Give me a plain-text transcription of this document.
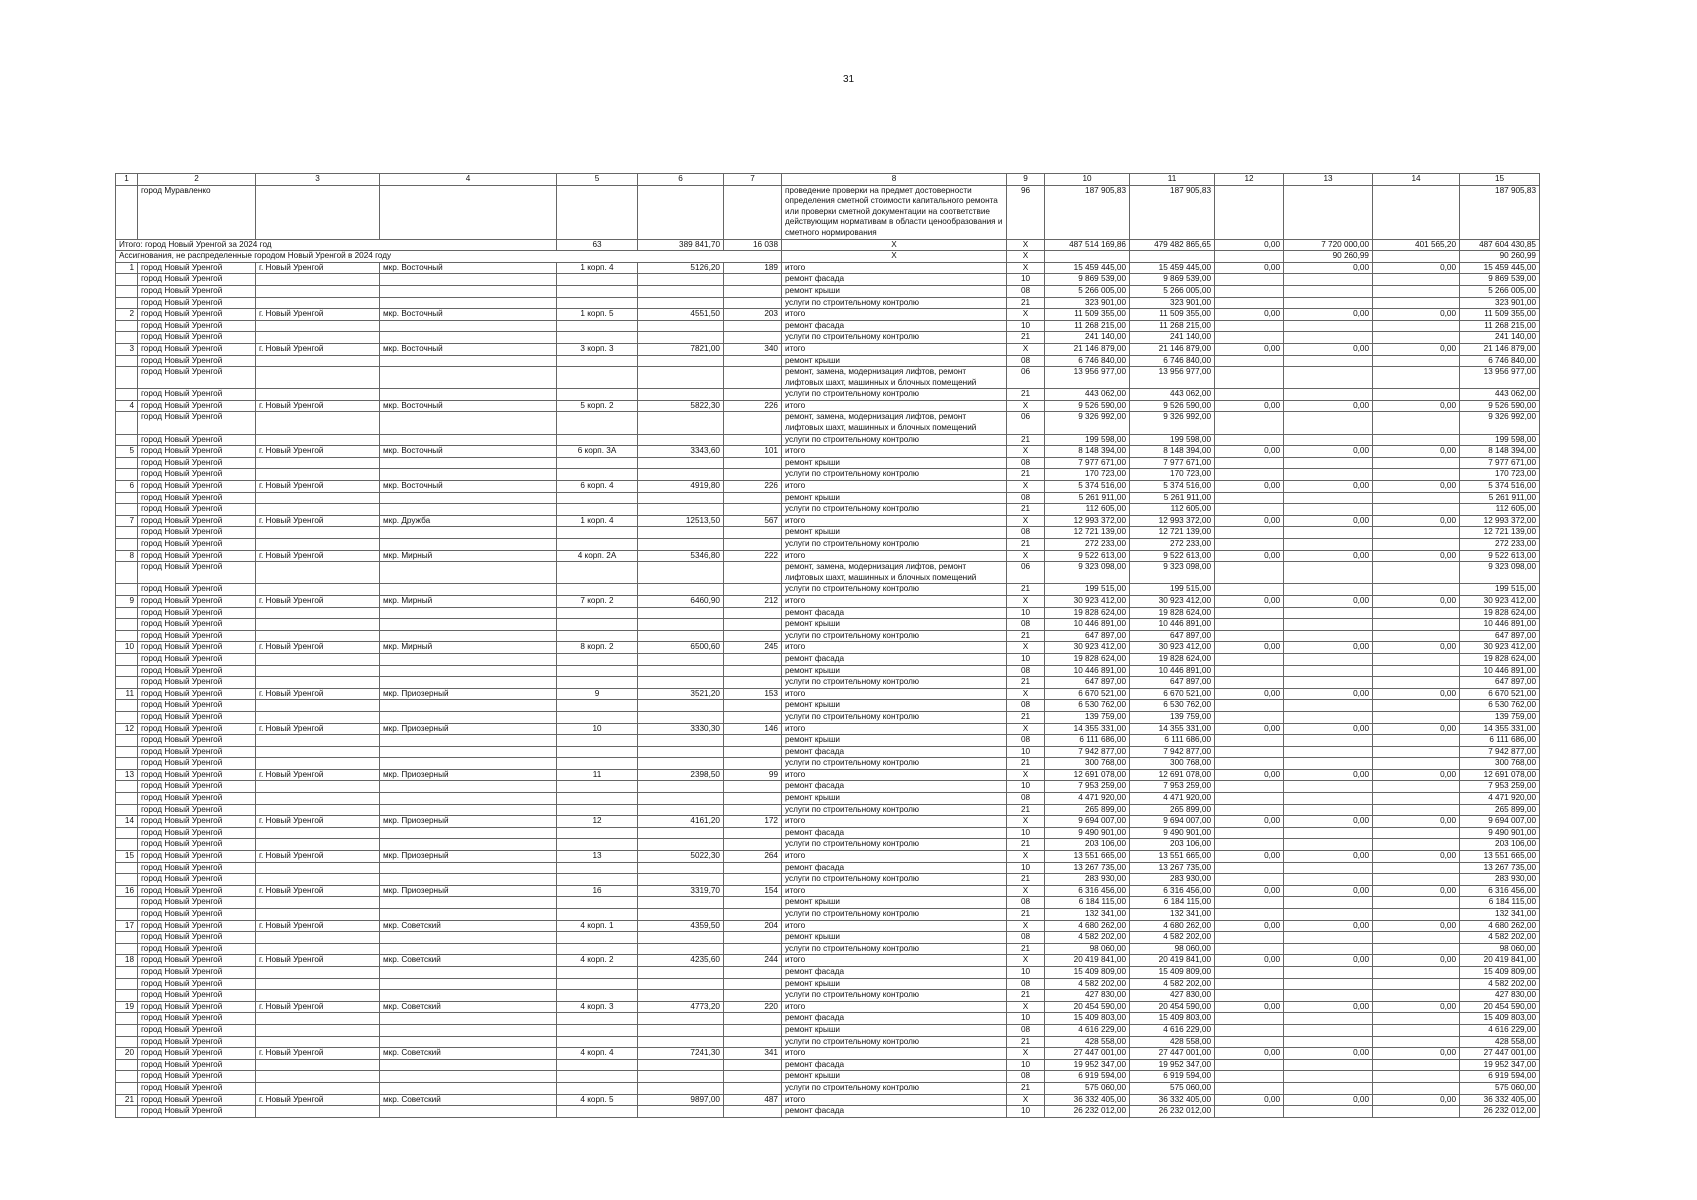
31
1	2	3	4	5	6	7	8	9	10	11	12	13	14	15
	город Муравленко						проведение проверки на предмет достоверности определения сметной стоимости капитального ремонта или проверки сметной документации на соответствие действующим нормативам в области ценообразования и сметного нормирования	96	187 905,83	187 905,83				187 905,83
Итого: город Новый Уренгой за 2024 год				63	389 841,70	16 038	X	X	487 514 169,86	479 482 865,65	0,00	7 720 000,00	401 565,20	487 604 430,85
Ассигнования, не распределенные городом Новый Уренгой в 2024 году							X	X				90 260,99		90 260,99
1	город Новый Уренгой	г. Новый Уренгой	мкр. Восточный	1 корп. 4	5126,20	189	итого	X	15 459 445,00	15 459 445,00	0,00	0,00	0,00	15 459 445,00
	город Новый Уренгой						ремонт фасада	10	9 869 539,00	9 869 539,00				9 869 539,00
	город Новый Уренгой						ремонт крыши	08	5 266 005,00	5 266 005,00				5 266 005,00
	город Новый Уренгой						услуги по строительному контролю	21	323 901,00	323 901,00				323 901,00
2	город Новый Уренгой	г. Новый Уренгой	мкр. Восточный	1 корп. 5	4551,50	203	итого	X	11 509 355,00	11 509 355,00	0,00	0,00	0,00	11 509 355,00
	город Новый Уренгой						ремонт фасада	10	11 268 215,00	11 268 215,00				11 268 215,00
	город Новый Уренгой						услуги по строительному контролю	21	241 140,00	241 140,00				241 140,00
3	город Новый Уренгой	г. Новый Уренгой	мкр. Восточный	3 корп. 3	7821,00	340	итого	X	21 146 879,00	21 146 879,00	0,00	0,00	0,00	21 146 879,00
	город Новый Уренгой						ремонт крыши	08	6 746 840,00	6 746 840,00				6 746 840,00
	город Новый Уренгой						ремонт, замена, модернизация лифтов, ремонт лифтовых шахт, машинных и блочных помещений	06	13 956 977,00	13 956 977,00				13 956 977,00
	город Новый Уренгой						услуги по строительному контролю	21	443 062,00	443 062,00				443 062,00
4	город Новый Уренгой	г. Новый Уренгой	мкр. Восточный	5 корп. 2	5822,30	226	итого	X	9 526 590,00	9 526 590,00	0,00	0,00	0,00	9 526 590,00
	город Новый Уренгой						ремонт, замена, модернизация лифтов, ремонт лифтовых шахт, машинных и блочных помещений	06	9 326 992,00	9 326 992,00				9 326 992,00
	город Новый Уренгой						услуги по строительному контролю	21	199 598,00	199 598,00				199 598,00
5	город Новый Уренгой	г. Новый Уренгой	мкр. Восточный	6 корп. 3А	3343,60	101	итого	X	8 148 394,00	8 148 394,00	0,00	0,00	0,00	8 148 394,00
	город Новый Уренгой						ремонт крыши	08	7 977 671,00	7 977 671,00				7 977 671,00
	город Новый Уренгой						услуги по строительному контролю	21	170 723,00	170 723,00				170 723,00
6	город Новый Уренгой	г. Новый Уренгой	мкр. Восточный	6 корп. 4	4919,80	226	итого	X	5 374 516,00	5 374 516,00	0,00	0,00	0,00	5 374 516,00
	город Новый Уренгой						ремонт крыши	08	5 261 911,00	5 261 911,00				5 261 911,00
	город Новый Уренгой						услуги по строительному контролю	21	112 605,00	112 605,00				112 605,00
7	город Новый Уренгой	г. Новый Уренгой	мкр. Дружба	1 корп. 4	12513,50	567	итого	X	12 993 372,00	12 993 372,00	0,00	0,00	0,00	12 993 372,00
	город Новый Уренгой						ремонт крыши	08	12 721 139,00	12 721 139,00				12 721 139,00
	город Новый Уренгой						услуги по строительному контролю	21	272 233,00	272 233,00				272 233,00
8	город Новый Уренгой	г. Новый Уренгой	мкр. Мирный	4 корп. 2А	5346,80	222	итого	X	9 522 613,00	9 522 613,00	0,00	0,00	0,00	9 522 613,00
	город Новый Уренгой						ремонт, замена, модернизация лифтов, ремонт лифтовых шахт, машинных и блочных помещений	06	9 323 098,00	9 323 098,00				9 323 098,00
	город Новый Уренгой						услуги по строительному контролю	21	199 515,00	199 515,00				199 515,00
9	город Новый Уренгой	г. Новый Уренгой	мкр. Мирный	7 корп. 2	6460,90	212	итого	X	30 923 412,00	30 923 412,00	0,00	0,00	0,00	30 923 412,00
	город Новый Уренгой						ремонт фасада	10	19 828 624,00	19 828 624,00				19 828 624,00
	город Новый Уренгой						ремонт крыши	08	10 446 891,00	10 446 891,00				10 446 891,00
	город Новый Уренгой						услуги по строительному контролю	21	647 897,00	647 897,00				647 897,00
10	город Новый Уренгой	г. Новый Уренгой	мкр. Мирный	8 корп. 2	6500,60	245	итого	X	30 923 412,00	30 923 412,00	0,00	0,00	0,00	30 923 412,00
	город Новый Уренгой						ремонт фасада	10	19 828 624,00	19 828 624,00				19 828 624,00
	город Новый Уренгой						ремонт крыши	08	10 446 891,00	10 446 891,00				10 446 891,00
	город Новый Уренгой						услуги по строительному контролю	21	647 897,00	647 897,00				647 897,00
11	город Новый Уренгой	г. Новый Уренгой	мкр. Приозерный	9	3521,20	153	итого	X	6 670 521,00	6 670 521,00	0,00	0,00	0,00	6 670 521,00
	город Новый Уренгой						ремонт крыши	08	6 530 762,00	6 530 762,00				6 530 762,00
	город Новый Уренгой						услуги по строительному контролю	21	139 759,00	139 759,00				139 759,00
12	город Новый Уренгой	г. Новый Уренгой	мкр. Приозерный	10	3330,30	146	итого	X	14 355 331,00	14 355 331,00	0,00	0,00	0,00	14 355 331,00
	город Новый Уренгой						ремонт крыши	08	6 111 686,00	6 111 686,00				6 111 686,00
	город Новый Уренгой						ремонт фасада	10	7 942 877,00	7 942 877,00				7 942 877,00
	город Новый Уренгой						услуги по строительному контролю	21	300 768,00	300 768,00				300 768,00
13	город Новый Уренгой	г. Новый Уренгой	мкр. Приозерный	11	2398,50	99	итого	X	12 691 078,00	12 691 078,00	0,00	0,00	0,00	12 691 078,00
	город Новый Уренгой						ремонт фасада	10	7 953 259,00	7 953 259,00				7 953 259,00
	город Новый Уренгой						ремонт крыши	08	4 471 920,00	4 471 920,00				4 471 920,00
	город Новый Уренгой						услуги по строительному контролю	21	265 899,00	265 899,00				265 899,00
14	город Новый Уренгой	г. Новый Уренгой	мкр. Приозерный	12	4161,20	172	итого	X	9 694 007,00	9 694 007,00	0,00	0,00	0,00	9 694 007,00
	город Новый Уренгой						ремонт фасада	10	9 490 901,00	9 490 901,00				9 490 901,00
	город Новый Уренгой						услуги по строительному контролю	21	203 106,00	203 106,00				203 106,00
15	город Новый Уренгой	г. Новый Уренгой	мкр. Приозерный	13	5022,30	264	итого	X	13 551 665,00	13 551 665,00	0,00	0,00	0,00	13 551 665,00
	город Новый Уренгой						ремонт фасада	10	13 267 735,00	13 267 735,00				13 267 735,00
	город Новый Уренгой						услуги по строительному контролю	21	283 930,00	283 930,00				283 930,00
16	город Новый Уренгой	г. Новый Уренгой	мкр. Приозерный	16	3319,70	154	итого	X	6 316 456,00	6 316 456,00	0,00	0,00	0,00	6 316 456,00
	город Новый Уренгой						ремонт крыши	08	6 184 115,00	6 184 115,00				6 184 115,00
	город Новый Уренгой						услуги по строительному контролю	21	132 341,00	132 341,00				132 341,00
17	город Новый Уренгой	г. Новый Уренгой	мкр. Советский	4 корп. 1	4359,50	204	итого	X	4 680 262,00	4 680 262,00	0,00	0,00	0,00	4 680 262,00
	город Новый Уренгой						ремонт крыши	08	4 582 202,00	4 582 202,00				4 582 202,00
	город Новый Уренгой						услуги по строительному контролю	21	98 060,00	98 060,00				98 060,00
18	город Новый Уренгой	г. Новый Уренгой	мкр. Советский	4 корп. 2	4235,60	244	итого	X	20 419 841,00	20 419 841,00	0,00	0,00	0,00	20 419 841,00
	город Новый Уренгой						ремонт фасада	10	15 409 809,00	15 409 809,00				15 409 809,00
	город Новый Уренгой						ремонт крыши	08	4 582 202,00	4 582 202,00				4 582 202,00
	город Новый Уренгой						услуги по строительному контролю	21	427 830,00	427 830,00				427 830,00
19	город Новый Уренгой	г. Новый Уренгой	мкр. Советский	4 корп. 3	4773,20	220	итого	X	20 454 590,00	20 454 590,00	0,00	0,00	0,00	20 454 590,00
	город Новый Уренгой						ремонт фасада	10	15 409 803,00	15 409 803,00				15 409 803,00
	город Новый Уренгой						ремонт крыши	08	4 616 229,00	4 616 229,00				4 616 229,00
	город Новый Уренгой						услуги по строительному контролю	21	428 558,00	428 558,00				428 558,00
20	город Новый Уренгой	г. Новый Уренгой	мкр. Советский	4 корп. 4	7241,30	341	итого	X	27 447 001,00	27 447 001,00	0,00	0,00	0,00	27 447 001,00
	город Новый Уренгой						ремонт фасада	10	19 952 347,00	19 952 347,00				19 952 347,00
	город Новый Уренгой						ремонт крыши	08	6 919 594,00	6 919 594,00				6 919 594,00
	город Новый Уренгой						услуги по строительному контролю	21	575 060,00	575 060,00				575 060,00
21	город Новый Уренгой	г. Новый Уренгой	мкр. Советский	4 корп. 5	9897,00	487	итого	X	36 332 405,00	36 332 405,00	0,00	0,00	0,00	36 332 405,00
	город Новый Уренгой						ремонт фасада	10	26 232 012,00	26 232 012,00				26 232 012,00
